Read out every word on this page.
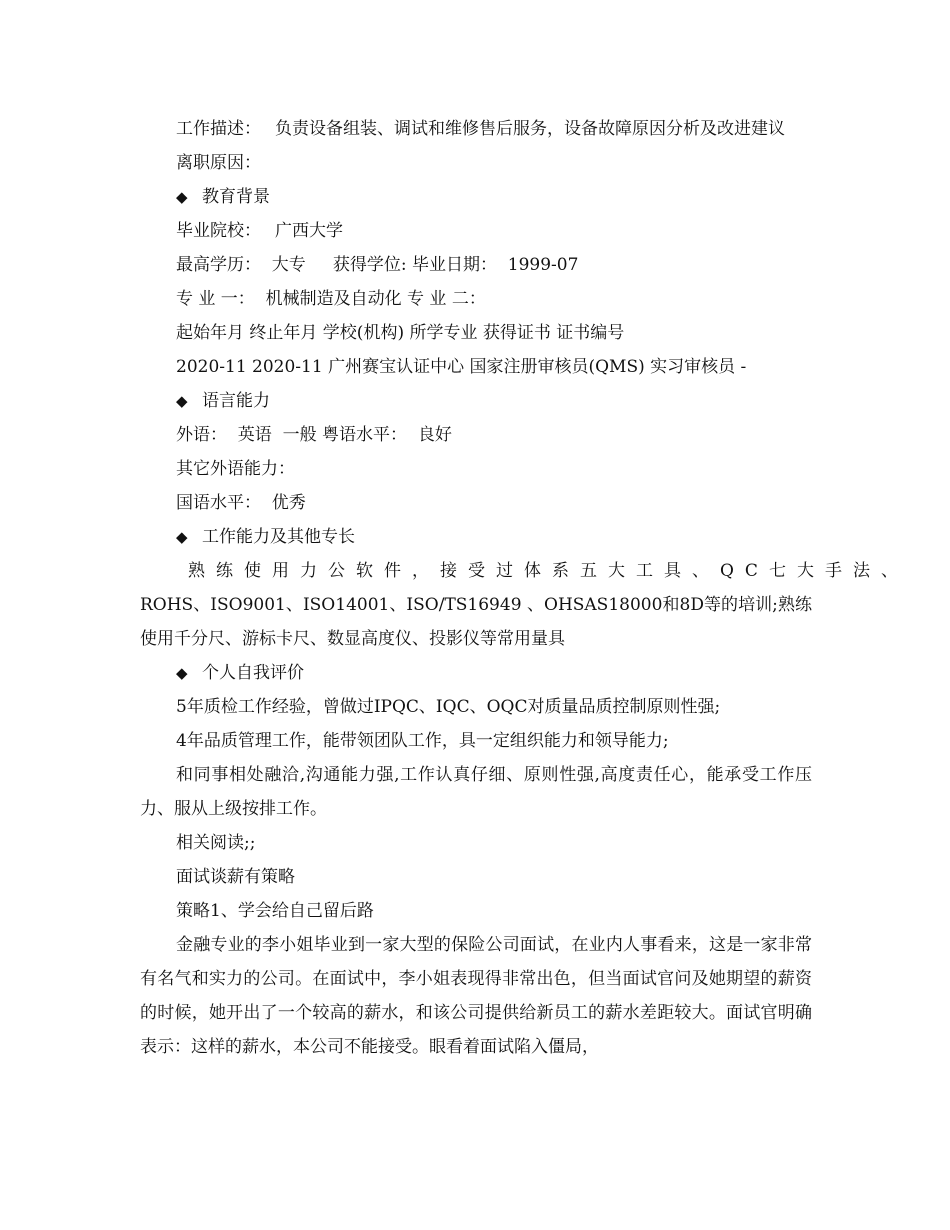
工作描述： 负责设备组装、调试和维修售后服务，设备故障原因分析及改进建议

离职原因：

◆ 教育背景

毕业院校： 广西大学

最高学历：  大专     获得学位: 毕业日期：  1999-07

专 业 一：  机械制造及自动化 专 业 二：

起始年月 终止年月 学校(机构) 所学专业 获得证书 证书编号

2020-11 2020-11 广州赛宝认证中心 国家注册审核员(QMS) 实习审核员 -

◆ 语言能力

外语：  英语  一般 粤语水平：  良好

其它外语能力：

国语水平：  优秀

◆ 工作能力及其他专长

熟练使用力公软件，接受过体系五大工具、QC七大手法、

ROHS、ISO9001、ISO14001、ISO/TS16949 、OHSAS18000和8D等的培训;熟练使用千分尺、游标卡尺、数显高度仪、投影仪等常用量具

◆ 个人自我评价

5年质检工作经验，曾做过IPQC、IQC、OQC对质量品质控制原则性强;

4年品质管理工作，能带领团队工作，具一定组织能力和领导能力;

和同事相处融洽,沟通能力强,工作认真仔细、原则性强,高度责任心，能承受工作压力、服从上级按排工作。

相关阅读;;

面试谈薪有策略

策略1、学会给自己留后路

金融专业的李小姐毕业到一家大型的保险公司面试，在业内人事看来，这是一家非常有名气和实力的公司。在面试中，李小姐表现得非常出色，但当面试官问及她期望的薪资的时候，她开出了一个较高的薪水，和该公司提供给新员工的薪水差距较大。面试官明确表示：这样的薪水，本公司不能接受。眼看着面试陷入僵局，
